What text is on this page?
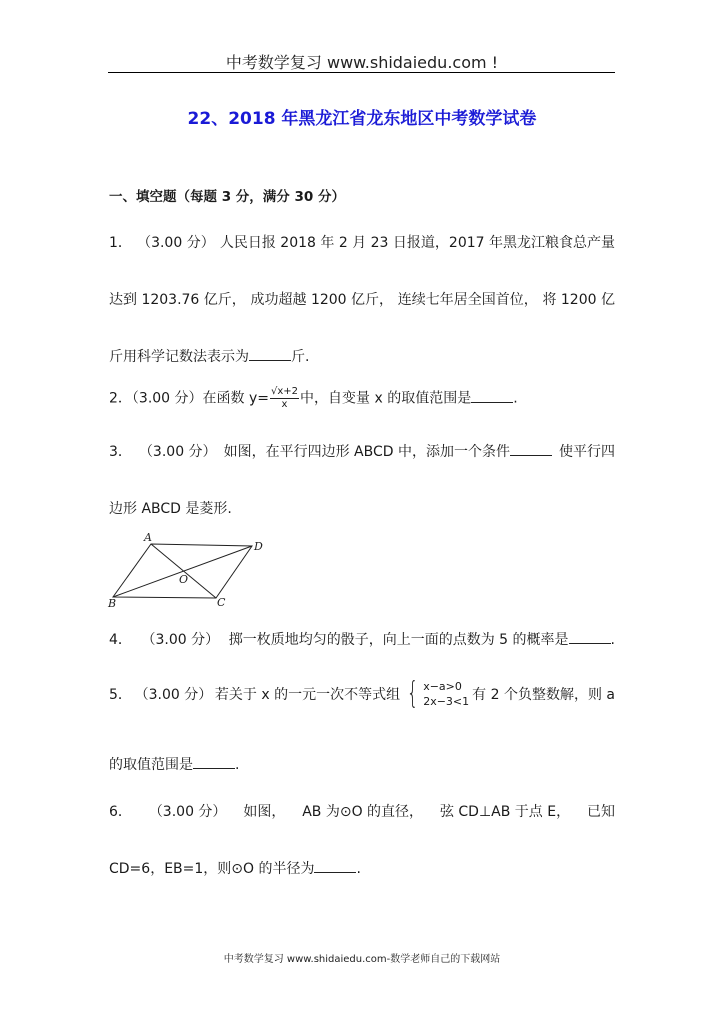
中考数学复习 www.shidaiedu.com !
22、2018 年黑龙江省龙东地区中考数学试卷
一、填空题（每题 3 分，满分 30 分）
1． （3.00 分） 人民日报 2018 年 2 月 23 日报道，2017 年黑龙江粮食总产量
达到 1203.76 亿斤， 成功超越 1200 亿斤， 连续七年居全国首位， 将 1200 亿
斤用科学记数法表示为	斤.
2．（3.00 分）在函数 $y= \frac{√x+2}{x}$中，自变量 x 的取值范围是	.
3． （3.00 分） 如图，在平行四边形 ABCD 中，添加一个条件	使平行四
边形 ABCD 是菱形.
A
D
B	C
O
4． （3.00 分） 掷一枚质地均匀的骰子，向上一面的点数为 5 的概率是	.
5． （3.00 分） 若关于 x 的一元一次不等式组 { x−a>0
2x−3<1 有 2 个负整数解，则 a
的取值范围是	.
6． （3.00 分） 如图， AB 为⊙O 的直径， 弦 CD⊥AB 于点 E， 已知
CD=6，EB=1，则⊙O 的半径为	.
中考数学复习 www.shidaiedu.com-数学老师自己的下载网站
